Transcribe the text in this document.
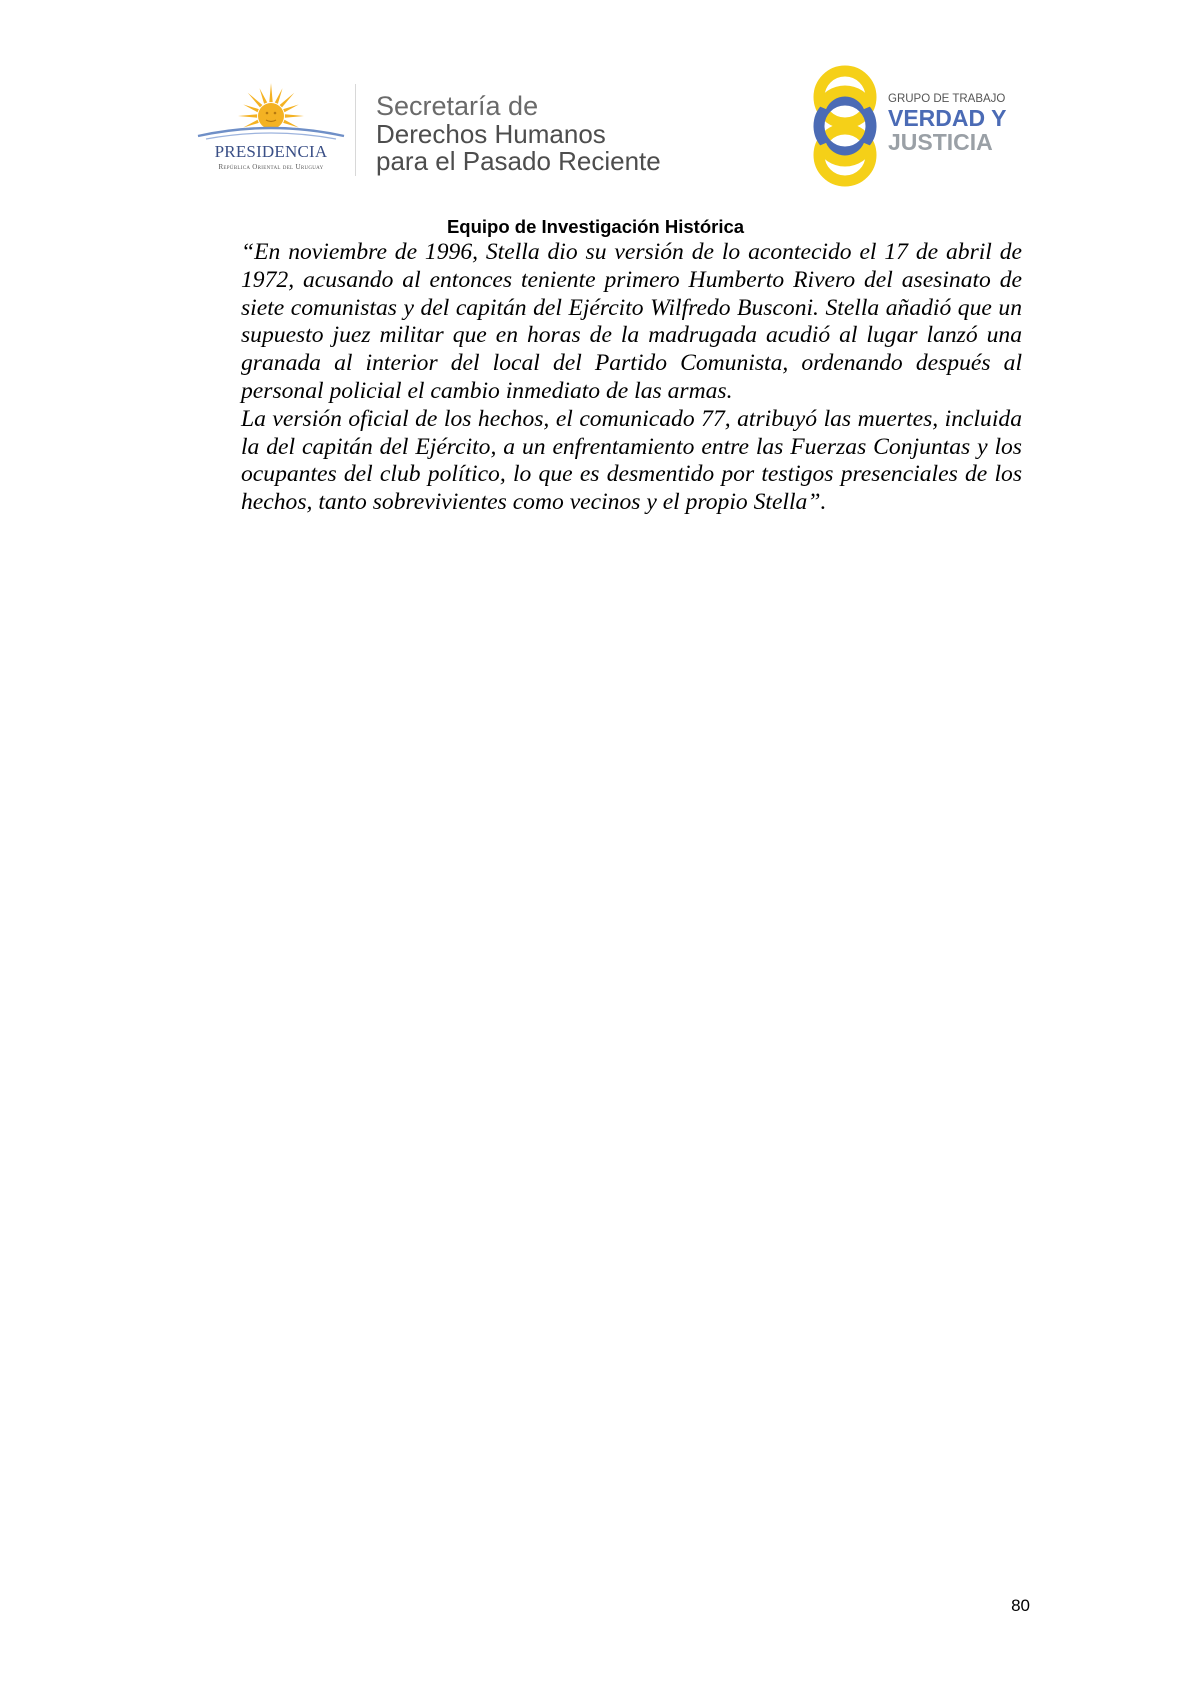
PRESIDENCIA
República Oriental del Uruguay
Secretaría de
Derechos Humanos
para el Pasado Reciente
GRUPO DE TRABAJO
VERDAD Y
JUSTICIA
Equipo de Investigación Histórica

“En noviembre de 1996, Stella dio su versión de lo acontecido el 17 de abril de 1972, acusando al entonces teniente primero Humberto Rivero del asesinato de siete comunistas y del capitán del Ejército Wilfredo Busconi. Stella añadió que un supuesto juez militar que en horas de la madrugada acudió al lugar lanzó una granada al interior del local del Partido Comunista, ordenando después al personal policial el cambio inmediato de las armas.

La versión oficial de los hechos, el comunicado 77, atribuyó las muertes, incluida la del capitán del Ejército, a un enfrentamiento entre las Fuerzas Conjuntas y los ocupantes del club político, lo que es desmentido por testigos presenciales de los hechos, tanto sobrevivientes como vecinos y el propio Stella”.

80
